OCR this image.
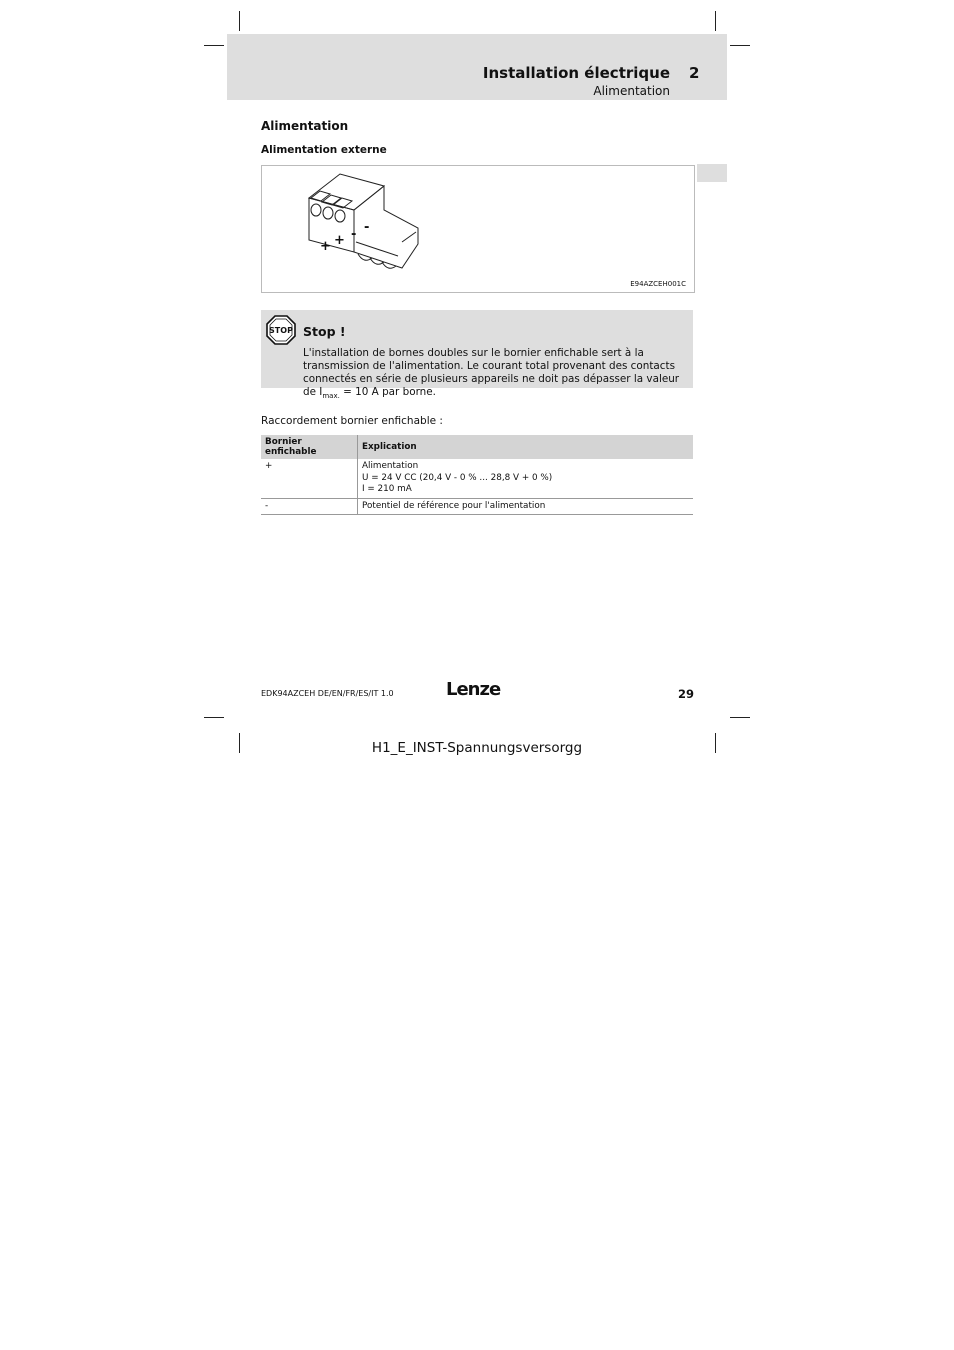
Installation électrique 2
Alimentation
Alimentation
Alimentation externe
+ + - -
E94AZCEH001C
STOP Stop !
L'installation de bornes doubles sur le bornier enfichable sert à la transmission de l'alimentation. Le courant total provenant des contacts connectés en série de plusieurs appareils ne doit pas dépasser la valeur de $I_{max.} = 10$ A par borne.
Raccordement bornier enfichable :
Bornier enfichable	Explication
+	Alimentation
U = 24 V CC (20,4 V - 0 % ... 28,8 V + 0 %)
I = 210 mA

-	Potentiel de référence pour l'alimentation
EDK94AZCEH DE/EN/FR/ES/IT 1.0	Lenze	29
H1_E_INST-Spannungsversorgg
